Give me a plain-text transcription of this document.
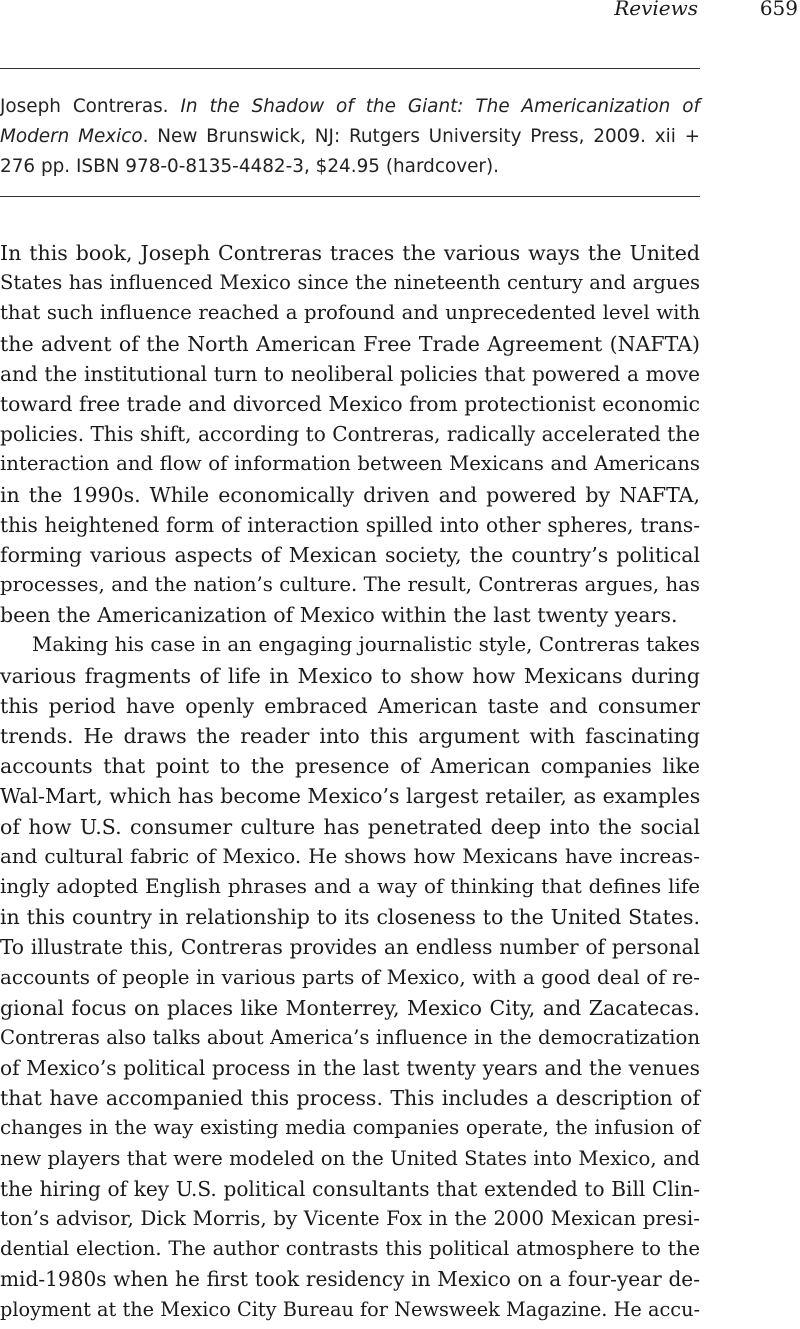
Reviews	659
Joseph Contreras. In the Shadow of the Giant: The Americanization of Modern Mexico. New Brunswick, NJ: Rutgers University Press, 2009. xii + 276 pp. ISBN 978-0-8135-4482-3, $24.95 (hardcover).
In this book, Joseph Contreras traces the various ways the United
States has influenced Mexico since the nineteenth century and argues
that such influence reached a profound and unprecedented level with
the advent of the North American Free Trade Agreement (NAFTA)
and the institutional turn to neoliberal policies that powered a move
toward free trade and divorced Mexico from protectionist economic
policies. This shift, according to Contreras, radically accelerated the
interaction and flow of information between Mexicans and Americans
in the 1990s. While economically driven and powered by NAFTA,
this heightened form of interaction spilled into other spheres, trans-
forming various aspects of Mexican society, the country’s political
processes, and the nation’s culture. The result, Contreras argues, has
been the Americanization of Mexico within the last twenty years.
Making his case in an engaging journalistic style, Contreras takes
various fragments of life in Mexico to show how Mexicans during
this period have openly embraced American taste and consumer
trends. He draws the reader into this argument with fascinating
accounts that point to the presence of American companies like
Wal-Mart, which has become Mexico’s largest retailer, as examples
of how U.S. consumer culture has penetrated deep into the social
and cultural fabric of Mexico. He shows how Mexicans have increas-
ingly adopted English phrases and a way of thinking that defines life
in this country in relationship to its closeness to the United States.
To illustrate this, Contreras provides an endless number of personal
accounts of people in various parts of Mexico, with a good deal of re-
gional focus on places like Monterrey, Mexico City, and Zacatecas.
Contreras also talks about America’s influence in the democratization
of Mexico’s political process in the last twenty years and the venues
that have accompanied this process. This includes a description of
changes in the way existing media companies operate, the infusion of
new players that were modeled on the United States into Mexico, and
the hiring of key U.S. political consultants that extended to Bill Clin-
ton’s advisor, Dick Morris, by Vicente Fox in the 2000 Mexican presi-
dential election. The author contrasts this political atmosphere to the
mid-1980s when he first took residency in Mexico on a four-year de-
ployment at the Mexico City Bureau for Newsweek Magazine. He accu-
